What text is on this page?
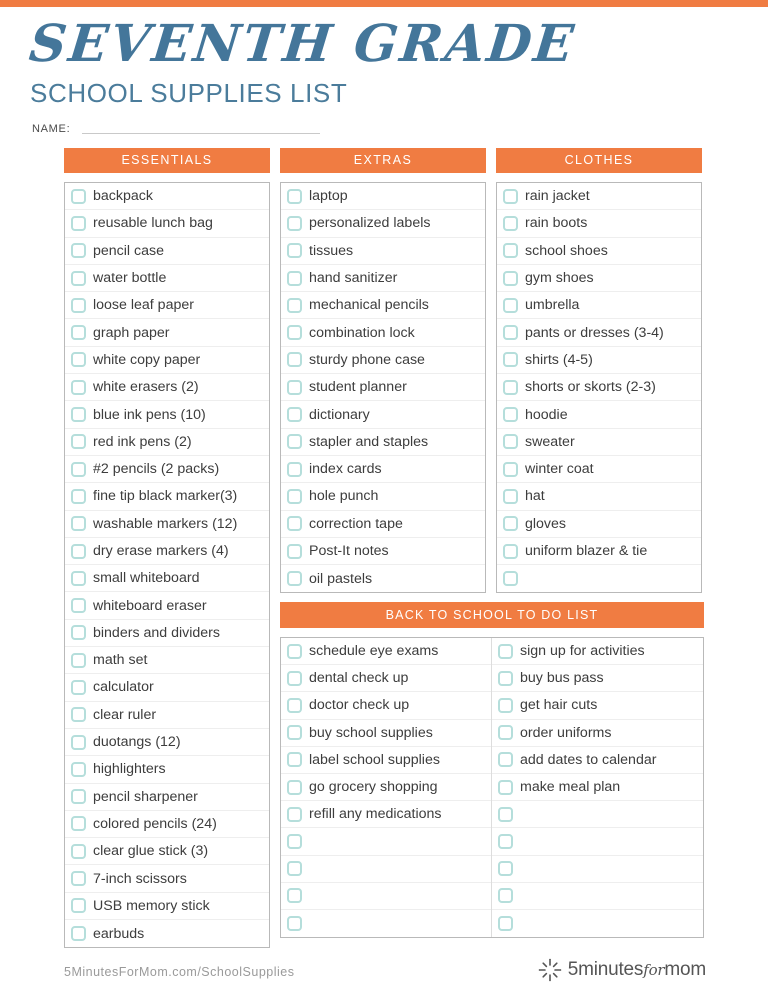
SEVENTH GRADE
SCHOOL SUPPLIES LIST
NAME:
ESSENTIALS
backpack
reusable lunch bag
pencil case
water bottle
loose leaf paper
graph paper
white copy paper
white erasers (2)
blue ink pens (10)
red ink pens (2)
#2 pencils (2 packs)
fine tip black marker(3)
washable markers (12)
dry erase markers (4)
small whiteboard
whiteboard eraser
binders and dividers
math set
calculator
clear ruler
duotangs (12)
highlighters
pencil sharpener
colored pencils (24)
clear glue stick (3)
7-inch scissors
USB memory stick
earbuds
EXTRAS
laptop
personalized labels
tissues
hand sanitizer
mechanical pencils
combination lock
sturdy phone case
student planner
dictionary
stapler and staples
index cards
hole punch
correction tape
Post-It notes
oil pastels
CLOTHES
rain jacket
rain boots
school shoes
gym shoes
umbrella
pants or dresses (3-4)
shirts (4-5)
shorts or skorts (2-3)
hoodie
sweater
winter coat
hat
gloves
uniform blazer & tie
BACK TO SCHOOL TO DO LIST
schedule eye exams
dental check up
doctor check up
buy school supplies
label school supplies
go grocery shopping
refill any medications
sign up for activities
buy bus pass
get hair cuts
order uniforms
add dates to calendar
make meal plan
5MinutesForMom.com/SchoolSupplies	5minutesformom
